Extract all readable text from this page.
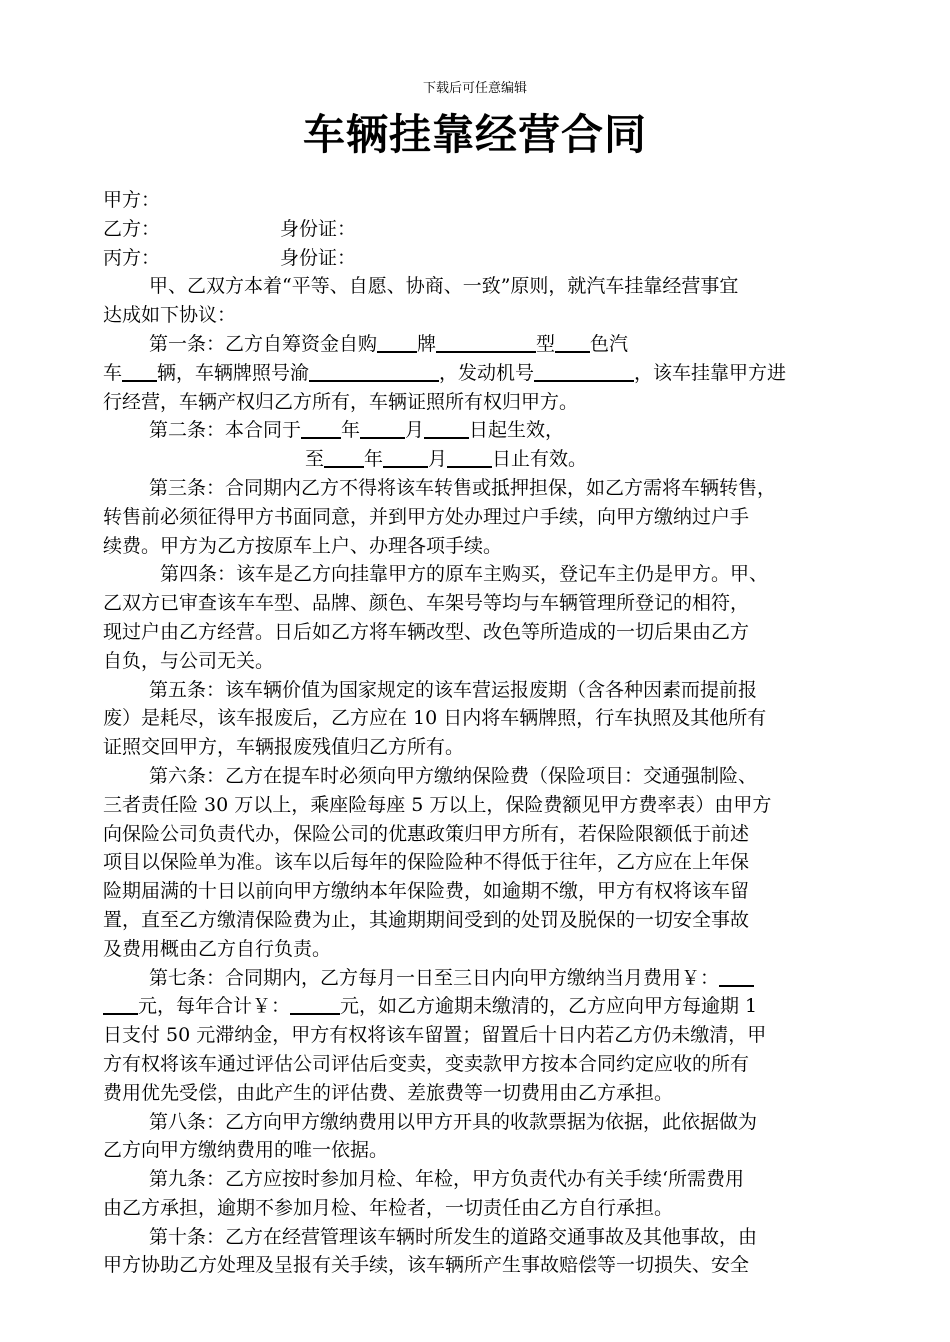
下载后可任意编辑
车辆挂靠经营合同
甲方：
乙方：	身份证：
丙方：	身份证：
甲、乙双方本着“平等、自愿、协商、一致”原则，就汽车挂靠经营事宜
达成如下协议：
第一条：乙方自筹资金自购 牌	型 色汽
车 辆，车辆牌照号渝	，发动机号	，该车挂靠甲方进
行经营，车辆产权归乙方所有，车辆证照所有权归甲方。
第二条：本合同于 年 月 日起生效，
至 年 月 日止有效。
第三条：合同期内乙方不得将该车转售或抵押担保，如乙方需将车辆转售，
转售前必须征得甲方书面同意，并到甲方处办理过户手续，向甲方缴纳过户手
续费。甲方为乙方按原车上户、办理各项手续。
第四条：该车是乙方向挂靠甲方的原车主购买，登记车主仍是甲方。甲、
乙双方已审查该车车型、品牌、颜色、车架号等均与车辆管理所登记的相符，
现过户由乙方经营。日后如乙方将车辆改型、改色等所造成的一切后果由乙方
自负，与公司无关。
第五条：该车辆价值为国家规定的该车营运报废期（含各种因素而提前报
废）是耗尽，该车报废后，乙方应在 10 日内将车辆牌照，行车执照及其他所有
证照交回甲方，车辆报废残值归乙方所有。
第六条：乙方在提车时必须向甲方缴纳保险费（保险项目：交通强制险、
三者责任险 30 万以上，乘座险每座 5 万以上，保险费额见甲方费率表）由甲方
向保险公司负责代办，保险公司的优惠政策归甲方所有，若保险限额低于前述
项目以保险单为准。该车以后每年的保险险种不得低于往年，乙方应在上年保
险期届满的十日以前向甲方缴纳本年保险费，如逾期不缴，甲方有权将该车留
置，直至乙方缴清保险费为止，其逾期期间受到的处罚及脱保的一切安全事故
及费用概由乙方自行负责。
第七条：合同期内，乙方每月一日至三日内向甲方缴纳当月费用￥：
元，每年合计￥：	元，如乙方逾期未缴清的，乙方应向甲方每逾期 1
日支付 50 元滞纳金，甲方有权将该车留置；留置后十日内若乙方仍未缴清，甲
方有权将该车通过评估公司评估后变卖，变卖款甲方按本合同约定应收的所有
费用优先受偿，由此产生的评估费、差旅费等一切费用由乙方承担。
第八条：乙方向甲方缴纳费用以甲方开具的收款票据为依据，此依据做为
乙方向甲方缴纳费用的唯一依据。
第九条：乙方应按时参加月检、年检，甲方负责代办有关手续‘所需费用
由乙方承担，逾期不参加月检、年检者，一切责任由乙方自行承担。
第十条：乙方在经营管理该车辆时所发生的道路交通事故及其他事故，由
甲方协助乙方处理及呈报有关手续，该车辆所产生事故赔偿等一切损失、安全
